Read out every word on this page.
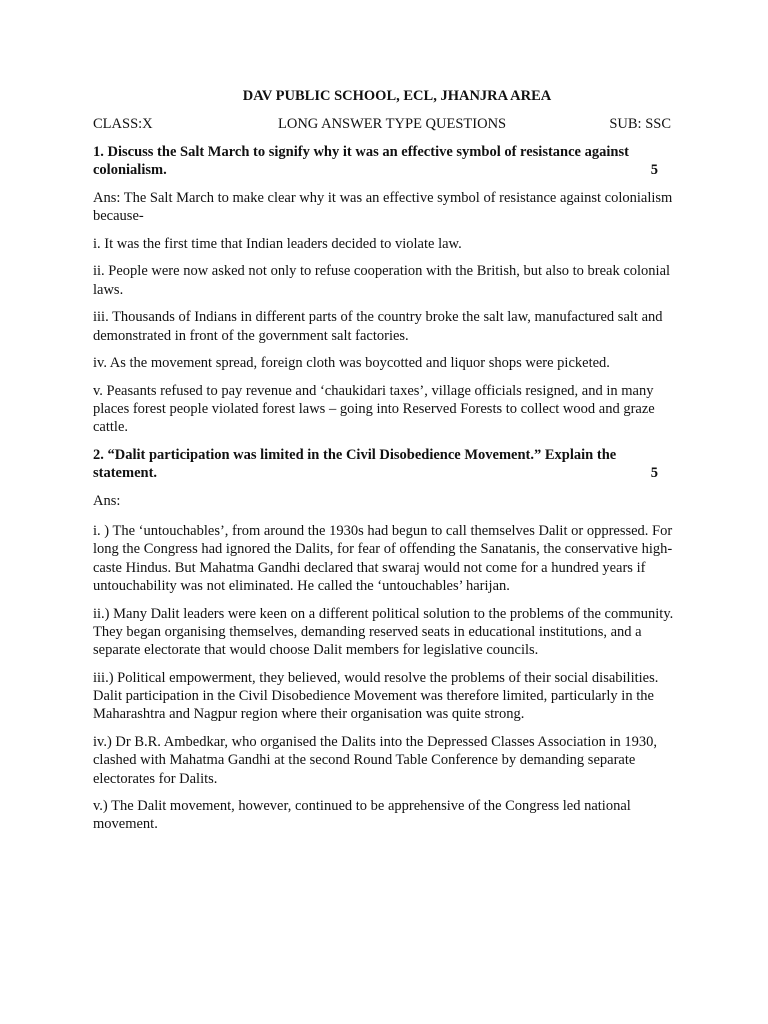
DAV PUBLIC SCHOOL, ECL, JHANJRA AREA
CLASS:X	LONG ANSWER TYPE QUESTIONS	SUB: SSC
1. Discuss the Salt March to signify why it was an effective symbol of resistance against colonialism.	5
Ans: The Salt March to make clear why it was an effective symbol of resistance against colonialism because-
i. It was the first time that Indian leaders decided to violate law.
ii. People were now asked not only to refuse cooperation with the British, but also to break colonial laws.
iii. Thousands of Indians in different parts of the country broke the salt law, manufactured salt and demonstrated in front of the government salt factories.
iv. As the movement spread, foreign cloth was boycotted and liquor shops were picketed.
v. Peasants refused to pay revenue and ‘chaukidari taxes’, village officials resigned, and in many places forest people violated forest laws – going into Reserved Forests to collect wood and graze cattle.
2. “Dalit participation was limited in the Civil Disobedience Movement.” Explain the statement.	5
Ans:
i. ) The ‘untouchables’, from around the 1930s had begun to call themselves Dalit or oppressed. For long the Congress had ignored the Dalits, for fear of offending the Sanatanis, the conservative high-caste Hindus. But Mahatma Gandhi declared that swaraj would not come for a hundred years if untouchability was not eliminated. He called the ‘untouchables’ harijan.
ii.) Many Dalit leaders were keen on a different political solution to the problems of the community. They began organising themselves, demanding reserved seats in educational institutions, and a separate electorate that would choose Dalit members for legislative councils.
iii.) Political empowerment, they believed, would resolve the problems of their social disabilities. Dalit participation in the Civil Disobedience Movement was therefore limited, particularly in the Maharashtra and Nagpur region where their organisation was quite strong.
iv.) Dr B.R. Ambedkar, who organised the Dalits into the Depressed Classes Association in 1930, clashed with Mahatma Gandhi at the second Round Table Conference by demanding separate electorates for Dalits.
v.) The Dalit movement, however, continued to be apprehensive of the Congress led national movement.
